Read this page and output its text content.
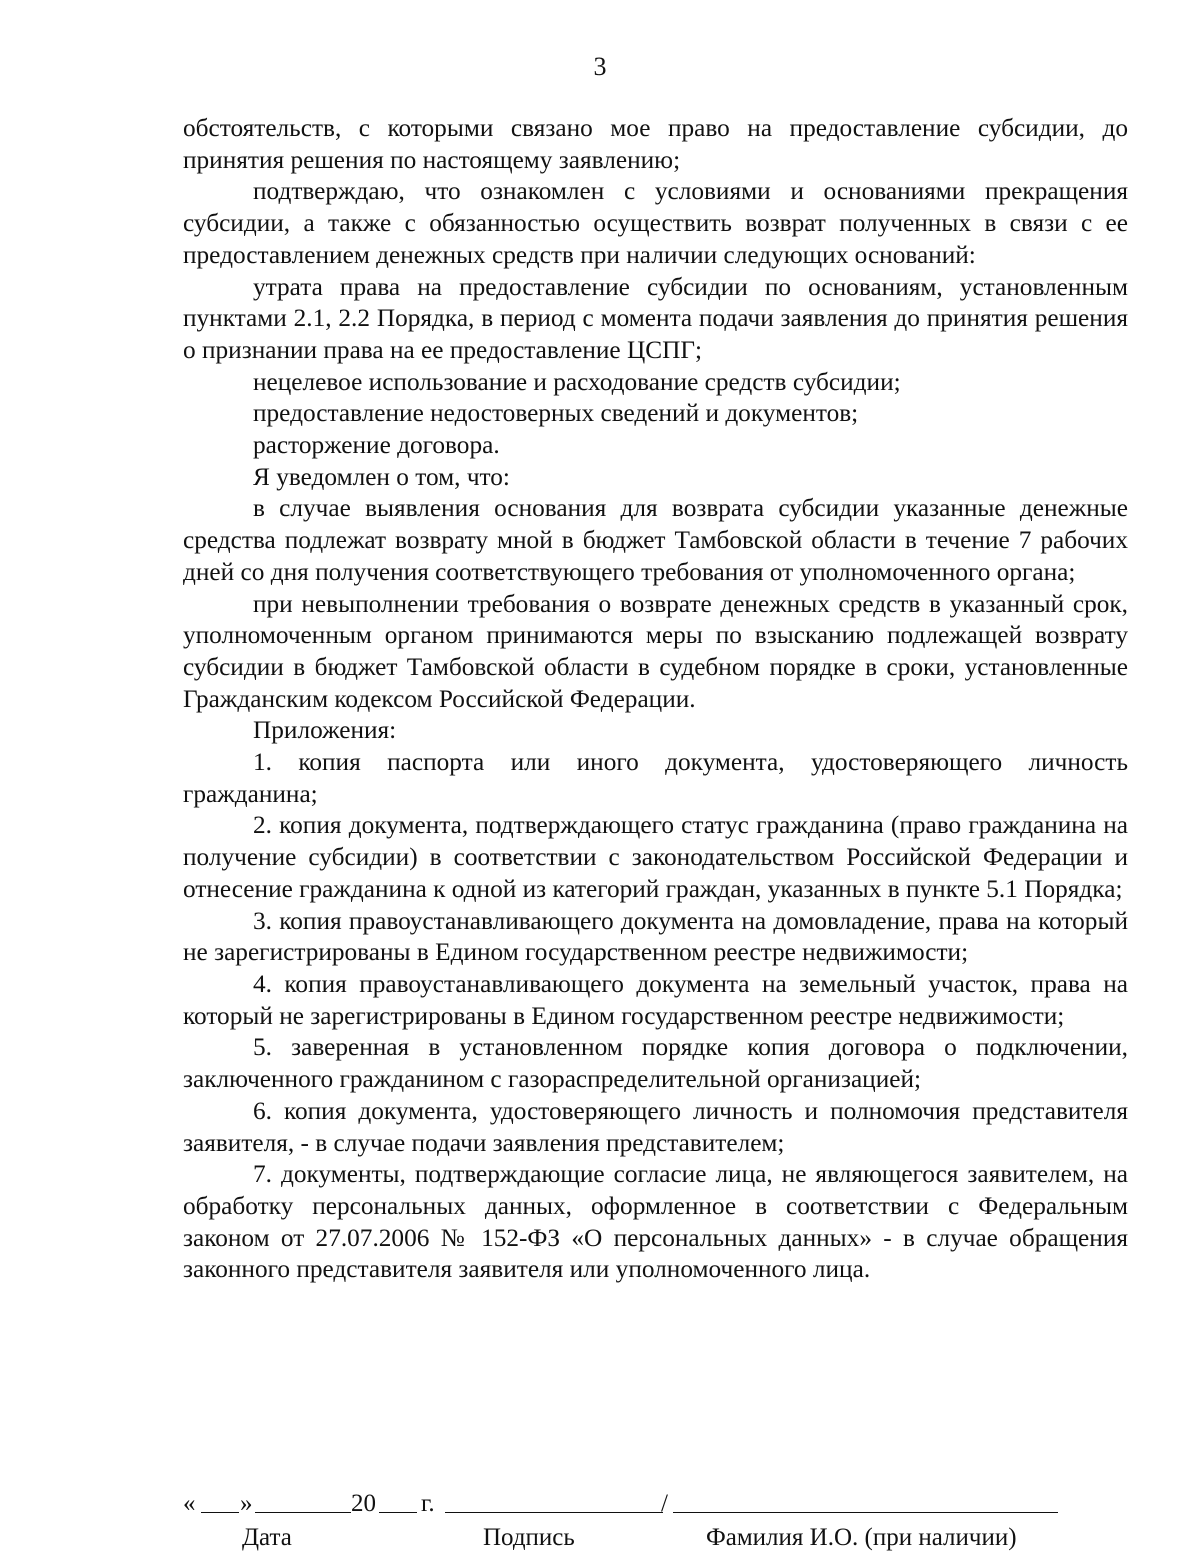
3

обстоятельств, с которыми связано мое право на предоставление субсидии, до принятия решения по настоящему заявлению;

подтверждаю, что ознакомлен с условиями и основаниями прекращения субсидии, а также с обязанностью осуществить возврат полученных в связи с ее предоставлением денежных средств при наличии следующих оснований:

утрата права на предоставление субсидии по основаниям, установленным пунктами 2.1, 2.2 Порядка, в период с момента подачи заявления до принятия решения о признании права на ее предоставление ЦСПГ;

нецелевое использование и расходование средств субсидии;

предоставление недостоверных сведений и документов;

расторжение договора.

Я уведомлен о том, что:

в случае выявления основания для возврата субсидии указанные денежные средства подлежат возврату мной в бюджет Тамбовской области в течение 7 рабочих дней со дня получения соответствующего требования от уполномоченного органа;

при невыполнении требования о возврате денежных средств в указанный срок, уполномоченным органом принимаются меры по взысканию подлежащей возврату субсидии в бюджет Тамбовской области в судебном порядке в сроки, установленные Гражданским кодексом Российской Федерации.

Приложения:

1. копия паспорта или иного документа, удостоверяющего личность гражданина;

2. копия документа, подтверждающего статус гражданина (право гражданина на получение субсидии) в соответствии с законодательством Российской Федерации и отнесение гражданина к одной из категорий граждан, указанных в пункте 5.1 Порядка;

3. копия правоустанавливающего документа на домовладение, права на который не зарегистрированы в Едином государственном реестре недвижимости;

4. копия правоустанавливающего документа на земельный участок, права на который не зарегистрированы в Едином государственном реестре недвижимости;

5. заверенная в установленном порядке копия договора о подключении, заключенного гражданином с газораспределительной организацией;

6. копия документа, удостоверяющего личность и полномочия представителя заявителя, - в случае подачи заявления представителем;

7. документы, подтверждающие согласие лица, не являющегося заявителем, на обработку персональных данных, оформленное в соответствии с Федеральным законом от 27.07.2006 № 152-ФЗ «О персональных данных» - в случае обращения законного представителя заявителя или уполномоченного лица.

« »	20 г.	/
Дата	Подпись	Фамилия И.О. (при наличии)
